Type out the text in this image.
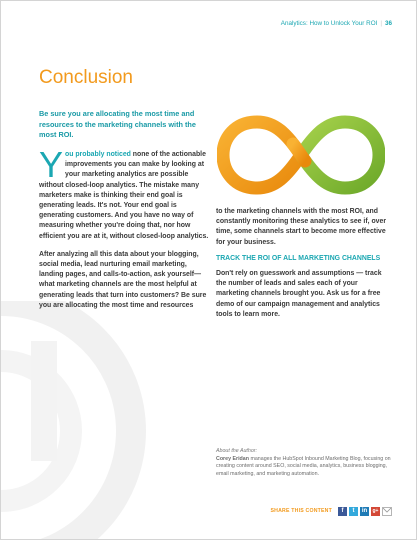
Analytics: How to Unlock Your ROI | 36
Conclusion
Be sure you are allocating the most time and resources to the marketing channels with the most ROI.

You probably noticed none of the actionable improvements you can make by looking at your marketing analytics are possible without closed-loop analytics. The mistake many marketers make is thinking their end goal is generating leads. It's not. Your end goal is generating customers. And you have no way of measuring whether you're doing that, nor how efficient you are at it, without closed-loop analytics.

After analyzing all this data about your blogging, social media, lead nurturing email marketing, landing pages, and calls-to-action, ask yourself—what marketing channels are the most helpful at generating leads that turn into customers? Be sure you are allocating the most time and resources

to the marketing channels with the most ROI, and constantly monitoring these analytics to see if, over time, some channels start to become more effective for your business.

TRACK THE ROI OF ALL MARKETING CHANNELS

Don't rely on guesswork and assumptions — track the number of leads and sales each of your marketing channels brought you. Ask us for a free demo of our campaign management and analytics tools to learn more.

About the Author:
Corey Eridan manages the HubSpot Inbound Marketing Blog, focusing on creating content around SEO, social media, analytics, business blogging, email marketing, and marketing automation.
SHARE THIS CONTENT	f	t	in	g+
